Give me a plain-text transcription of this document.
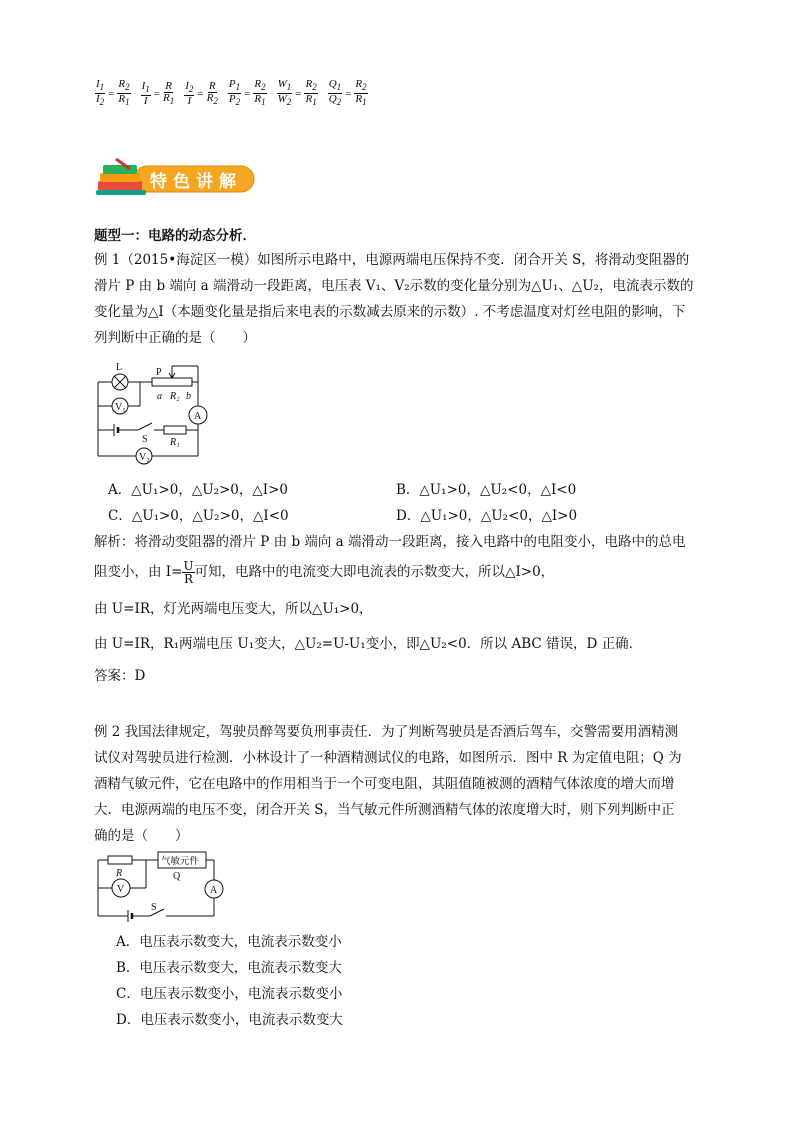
$\frac{I_1}{I_2} = \frac{R_2}{R_1} \frac{I_1}{I} = \frac{R}{R_1} \frac{I_2}{I} = \frac{R}{R_2} \frac{P_1}{P_2} = \frac{R_2}{R_1} \frac{W_1}{W_2} = \frac{R_2}{R_1} \frac{Q_1}{Q_2} = \frac{R_2}{R_1}$
特色讲解
题型一：电路的动态分析．
例 1（2015•海淀区一模）如图所示电路中，电源两端电压保持不变．闭合开关 S，将滑动变阻器的
滑片 P 由 b 端向 a 端滑动一段距离，电压表 V₁、V₂示数的变化量分别为△U₁、△U₂，电流表示数的
变化量为△I（本题变化量是指后来电表的示数减去原来的示数）. 不考虑温度对灯丝电阻的影响，下
列判断中正确的是（　　）
L	P
a R₂ b
V₁
A
S R₁
V₂
A．△U₁>0，△U₂>0，△I>0	B．△U₁>0，△U₂<0，△I<0
C．△U₁>0，△U₂>0，△I<0	D．△U₁>0，△U₂<0，△I>0
解析：将滑动变阻器的滑片 P 由 b 端向 a 端滑动一段距离，接入电路中的电阻变小，电路中的总电
阻变小，由 $I= \frac{U}{R}$ 可知，电路中的电流变大即电流表的示数变大，所以△I>0，
由 U=IR，灯光两端电压变大，所以△U₁>0，
由 U=IR，R₁两端电压 U₁变大，△U₂=U-U₁变小，即△U₂<0．所以 ABC 错误，D 正确．
答案：D
例 2 我国法律规定，驾驶员醉驾要负刑事责任．为了判断驾驶员是否酒后驾车，交警需要用酒精测
试仪对驾驶员进行检测．小林设计了一种酒精测试仪的电路，如图所示．图中 R 为定值电阻；Q 为
酒精气敏元件，它在电路中的作用相当于一个可变电阻，其阻值随被测的酒精气体浓度的增大而增
大．电源两端的电压不变，闭合开关 S，当气敏元件所测酒精气体的浓度增大时，则下列判断中正
确的是（　　）
R
气敏元件
Q
V	A
S
A．电压表示数变大，电流表示数变小
B．电压表示数变大，电流表示数变大
C．电压表示数变小，电流表示数变小
D．电压表示数变小，电流表示数变大
